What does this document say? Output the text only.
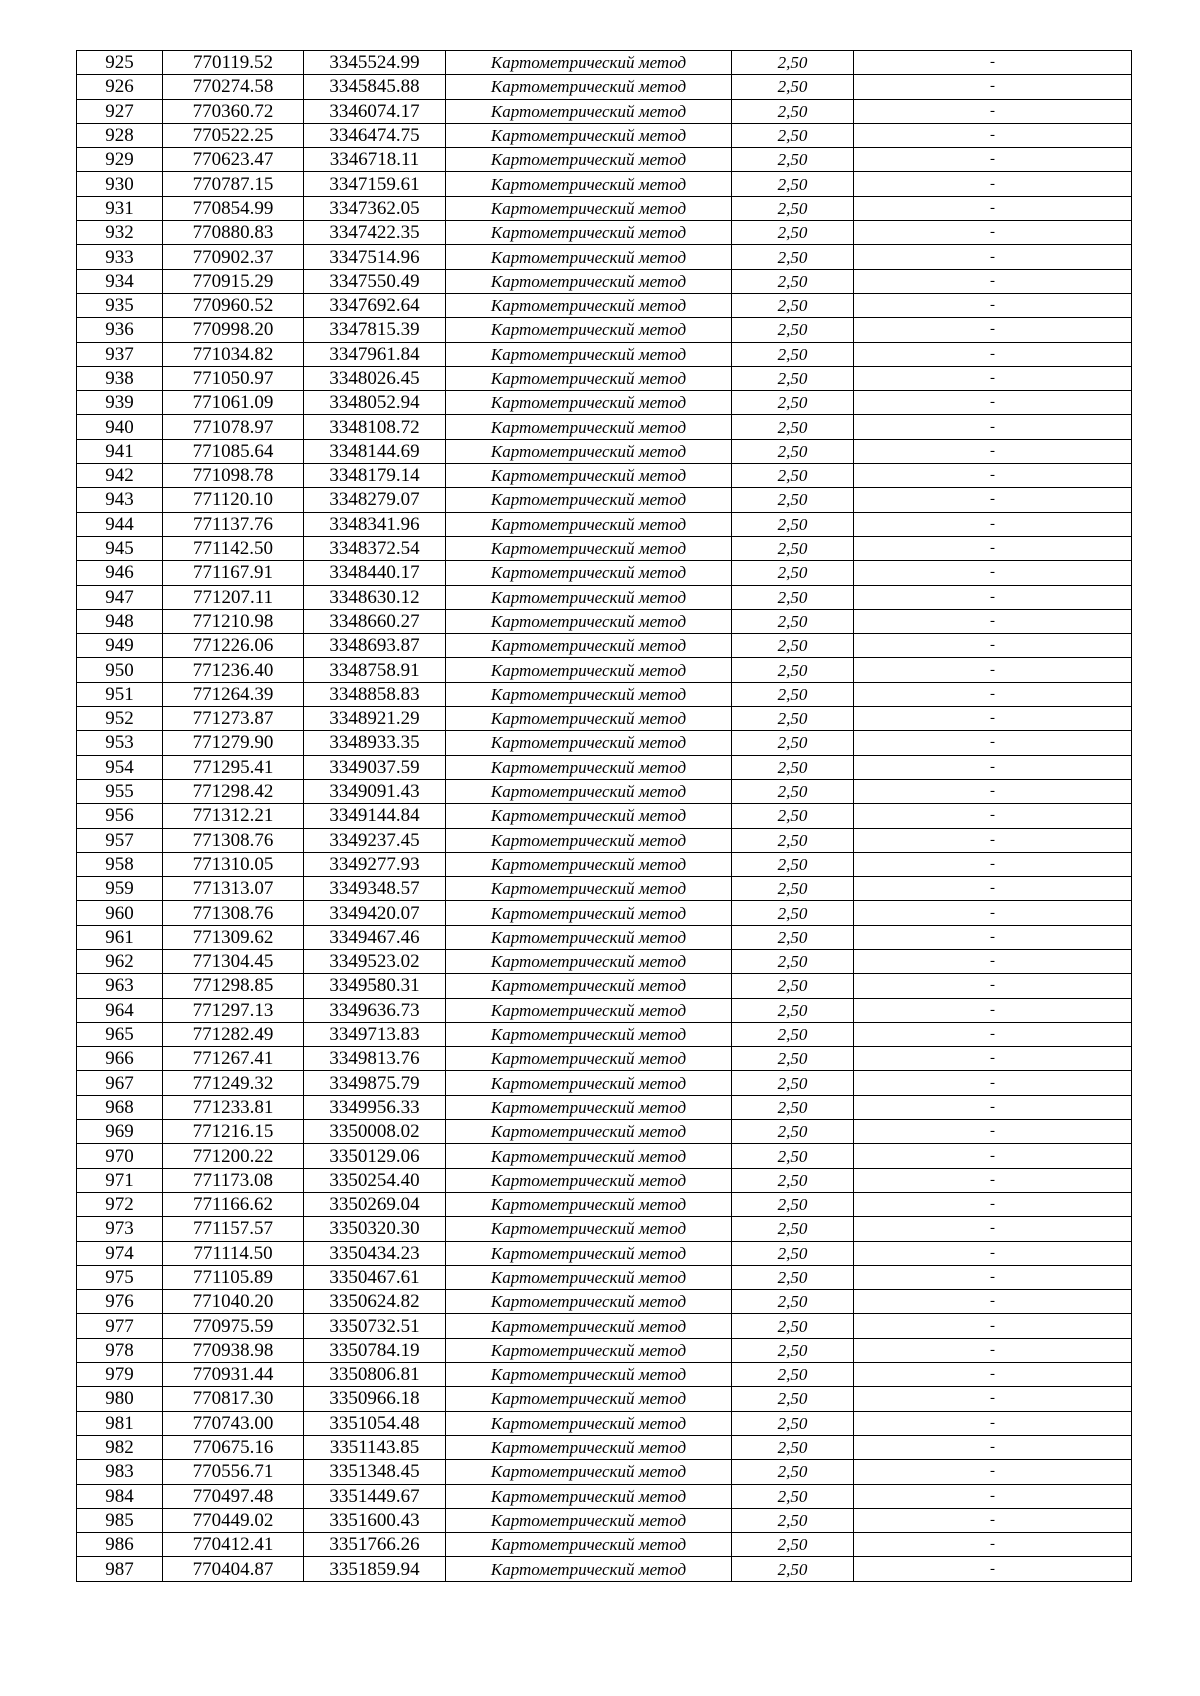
925	770119.52	3345524.99	Картометрический метод	2,50	-
926	770274.58	3345845.88	Картометрический метод	2,50	-
927	770360.72	3346074.17	Картометрический метод	2,50	-
928	770522.25	3346474.75	Картометрический метод	2,50	-
929	770623.47	3346718.11	Картометрический метод	2,50	-
930	770787.15	3347159.61	Картометрический метод	2,50	-
931	770854.99	3347362.05	Картометрический метод	2,50	-
932	770880.83	3347422.35	Картометрический метод	2,50	-
933	770902.37	3347514.96	Картометрический метод	2,50	-
934	770915.29	3347550.49	Картометрический метод	2,50	-
935	770960.52	3347692.64	Картометрический метод	2,50	-
936	770998.20	3347815.39	Картометрический метод	2,50	-
937	771034.82	3347961.84	Картометрический метод	2,50	-
938	771050.97	3348026.45	Картометрический метод	2,50	-
939	771061.09	3348052.94	Картометрический метод	2,50	-
940	771078.97	3348108.72	Картометрический метод	2,50	-
941	771085.64	3348144.69	Картометрический метод	2,50	-
942	771098.78	3348179.14	Картометрический метод	2,50	-
943	771120.10	3348279.07	Картометрический метод	2,50	-
944	771137.76	3348341.96	Картометрический метод	2,50	-
945	771142.50	3348372.54	Картометрический метод	2,50	-
946	771167.91	3348440.17	Картометрический метод	2,50	-
947	771207.11	3348630.12	Картометрический метод	2,50	-
948	771210.98	3348660.27	Картометрический метод	2,50	-
949	771226.06	3348693.87	Картометрический метод	2,50	-
950	771236.40	3348758.91	Картометрический метод	2,50	-
951	771264.39	3348858.83	Картометрический метод	2,50	-
952	771273.87	3348921.29	Картометрический метод	2,50	-
953	771279.90	3348933.35	Картометрический метод	2,50	-
954	771295.41	3349037.59	Картометрический метод	2,50	-
955	771298.42	3349091.43	Картометрический метод	2,50	-
956	771312.21	3349144.84	Картометрический метод	2,50	-
957	771308.76	3349237.45	Картометрический метод	2,50	-
958	771310.05	3349277.93	Картометрический метод	2,50	-
959	771313.07	3349348.57	Картометрический метод	2,50	-
960	771308.76	3349420.07	Картометрический метод	2,50	-
961	771309.62	3349467.46	Картометрический метод	2,50	-
962	771304.45	3349523.02	Картометрический метод	2,50	-
963	771298.85	3349580.31	Картометрический метод	2,50	-
964	771297.13	3349636.73	Картометрический метод	2,50	-
965	771282.49	3349713.83	Картометрический метод	2,50	-
966	771267.41	3349813.76	Картометрический метод	2,50	-
967	771249.32	3349875.79	Картометрический метод	2,50	-
968	771233.81	3349956.33	Картометрический метод	2,50	-
969	771216.15	3350008.02	Картометрический метод	2,50	-
970	771200.22	3350129.06	Картометрический метод	2,50	-
971	771173.08	3350254.40	Картометрический метод	2,50	-
972	771166.62	3350269.04	Картометрический метод	2,50	-
973	771157.57	3350320.30	Картометрический метод	2,50	-
974	771114.50	3350434.23	Картометрический метод	2,50	-
975	771105.89	3350467.61	Картометрический метод	2,50	-
976	771040.20	3350624.82	Картометрический метод	2,50	-
977	770975.59	3350732.51	Картометрический метод	2,50	-
978	770938.98	3350784.19	Картометрический метод	2,50	-
979	770931.44	3350806.81	Картометрический метод	2,50	-
980	770817.30	3350966.18	Картометрический метод	2,50	-
981	770743.00	3351054.48	Картометрический метод	2,50	-
982	770675.16	3351143.85	Картометрический метод	2,50	-
983	770556.71	3351348.45	Картометрический метод	2,50	-
984	770497.48	3351449.67	Картометрический метод	2,50	-
985	770449.02	3351600.43	Картометрический метод	2,50	-
986	770412.41	3351766.26	Картометрический метод	2,50	-
987	770404.87	3351859.94	Картометрический метод	2,50	-
